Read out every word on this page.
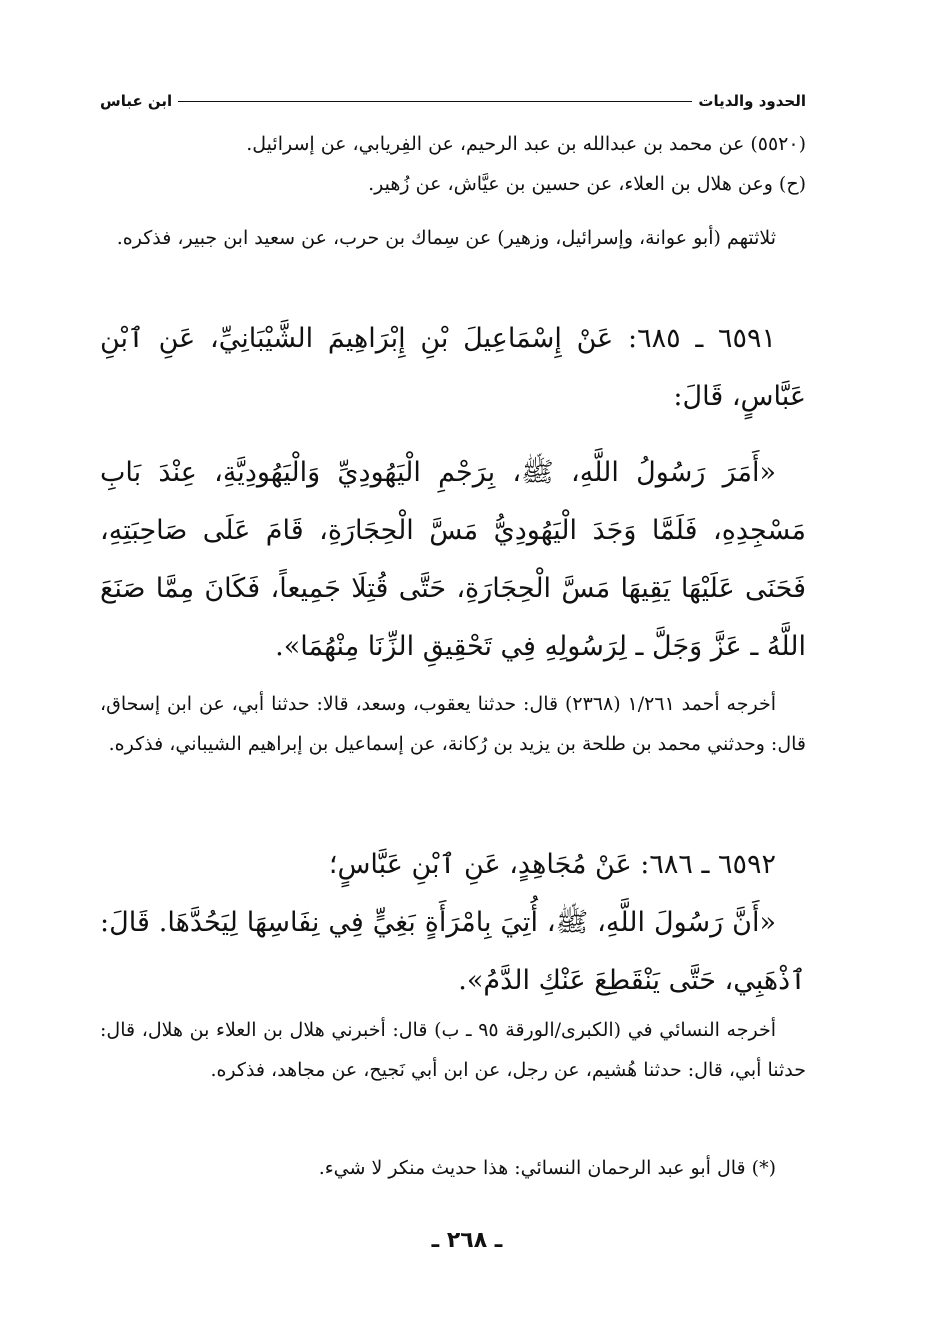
الحدود والديات
ابن عباس

(٥٥٢٠) عن محمد بن عبدالله بن عبد الرحيم، عن الفِريابي، عن إسرائيل.

(ح) وعن هلال بن العلاء، عن حسين بن عيَّاش، عن زُهير.

ثلاثتهم (أبو عوانة، وإسرائيل، وزهير) عن سِماك بن حرب، عن سعيد ابن جبير، فذكره.

٦٥٩١ ـ ٦٨٥: عَنْ إِسْمَاعِيلَ بْنِ إِبْرَاهِيمَ الشَّيْبَانِيِّ، عَنِ ٱبْنِ عَبَّاسٍ، قَالَ:

«أَمَرَ رَسُولُ اللَّهِ، ﷺ، بِرَجْمِ الْيَهُودِيِّ وَالْيَهُودِيَّةِ، عِنْدَ بَابِ مَسْجِدِهِ، فَلَمَّا وَجَدَ الْيَهُودِيُّ مَسَّ الْحِجَارَةِ، قَامَ عَلَى صَاحِبَتِهِ، فَحَنَى عَلَيْهَا يَقِيهَا مَسَّ الْحِجَارَةِ، حَتَّى قُتِلَا جَمِيعاً، فَكَانَ مِمَّا صَنَعَ اللَّهُ ـ عَزَّ وَجَلَّ ـ لِرَسُولِهِ فِي تَحْقِيقِ الزِّنَا مِنْهُمَا».

أخرجه أحمد ١/٢٦١ (٢٣٦٨) قال: حدثنا يعقوب، وسعد، قالا: حدثنا أبي، عن ابن إسحاق، قال: وحدثني محمد بن طلحة بن يزيد بن رُكانة، عن إسماعيل بن إبراهيم الشيباني، فذكره.

٦٥٩٢ ـ ٦٨٦: عَنْ مُجَاهِدٍ، عَنِ ٱبْنِ عَبَّاسٍ؛

«أَنَّ رَسُولَ اللَّهِ، ﷺ، أُتِيَ بِامْرَأَةٍ بَغِيٍّ فِي نِفَاسِهَا لِيَحُدَّهَا. قَالَ: ٱذْهَبِي، حَتَّى يَنْقَطِعَ عَنْكِ الدَّمُ».

أخرجه النسائي في (الكبرى/الورقة ٩٥ ـ ب) قال: أخبرني هلال بن العلاء بن هلال، قال: حدثنا أبي، قال: حدثنا هُشيم، عن رجل، عن ابن أبي نَجيح، عن مجاهد، فذكره.

(*) قال أبو عبد الرحمان النسائي: هذا حديث منكر لا شيء.

ـ ٢٦٨ ـ
